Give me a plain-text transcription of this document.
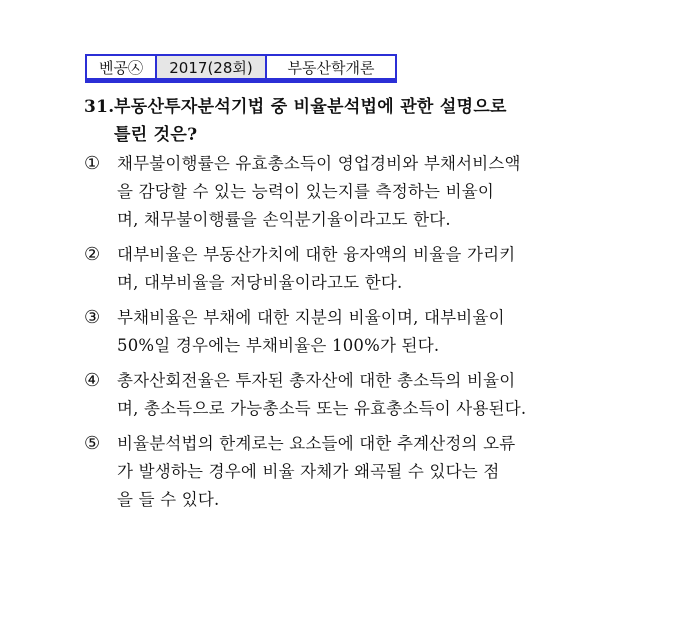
벤공㉦	2017(28회)	부동산학개론
31.부동산투자분석기법 중 비율분석법에 관한 설명으로
틀린 것은?
①	채무불이행률은 유효총소득이 영업경비와 부채서비스액
을 감당할 수 있는 능력이 있는지를 측정하는 비율이
며, 채무불이행률을 손익분기율이라고도 한다.
②	대부비율은 부동산가치에 대한 융자액의 비율을 가리키
며, 대부비율을 저당비율이라고도 한다.
③	부채비율은 부채에 대한 지분의 비율이며, 대부비율이
50%일 경우에는 부채비율은 100%가 된다.
④	총자산회전율은 투자된 총자산에 대한 총소득의 비율이
며, 총소득으로 가능총소득 또는 유효총소득이 사용된다.
⑤	비율분석법의 한계로는 요소들에 대한 추계산정의 오류
가 발생하는 경우에 비율 자체가 왜곡될 수 있다는 점
을 들 수 있다.
